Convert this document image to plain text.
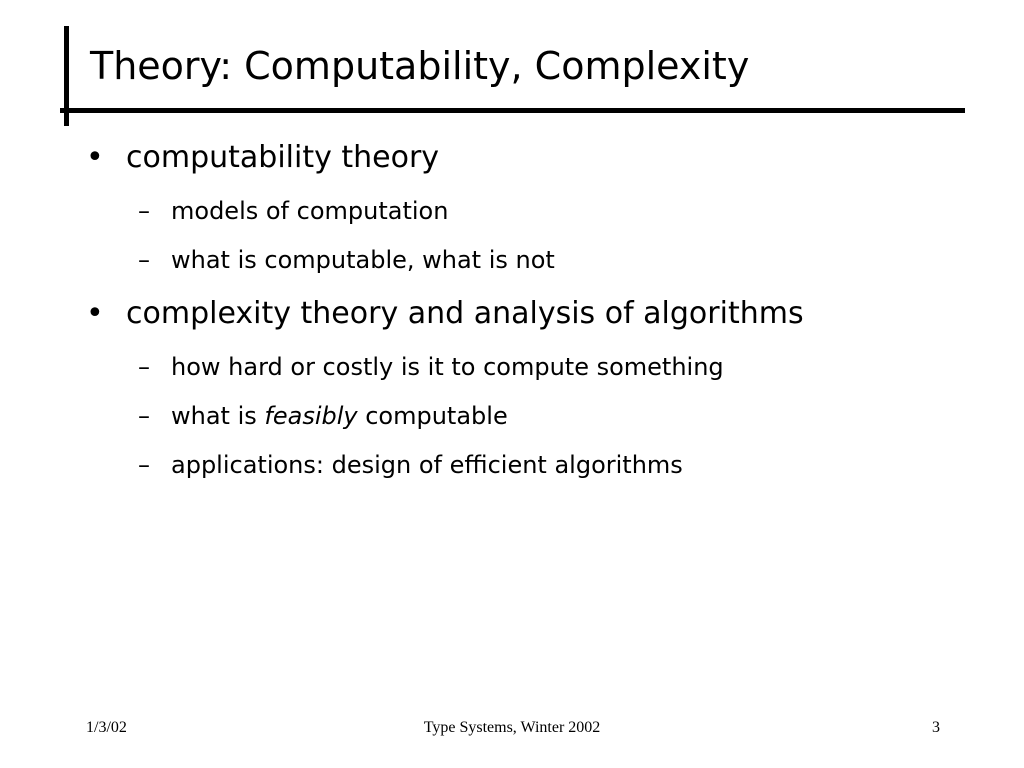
Theory: Computability, Complexity
• computability theory
– models of computation
– what is computable, what is not
• complexity theory and analysis of algorithms
– how hard or costly is it to compute something
– what is feasibly computable
– applications: design of efficient algorithms
1/3/02	Type Systems, Winter 2002	3
